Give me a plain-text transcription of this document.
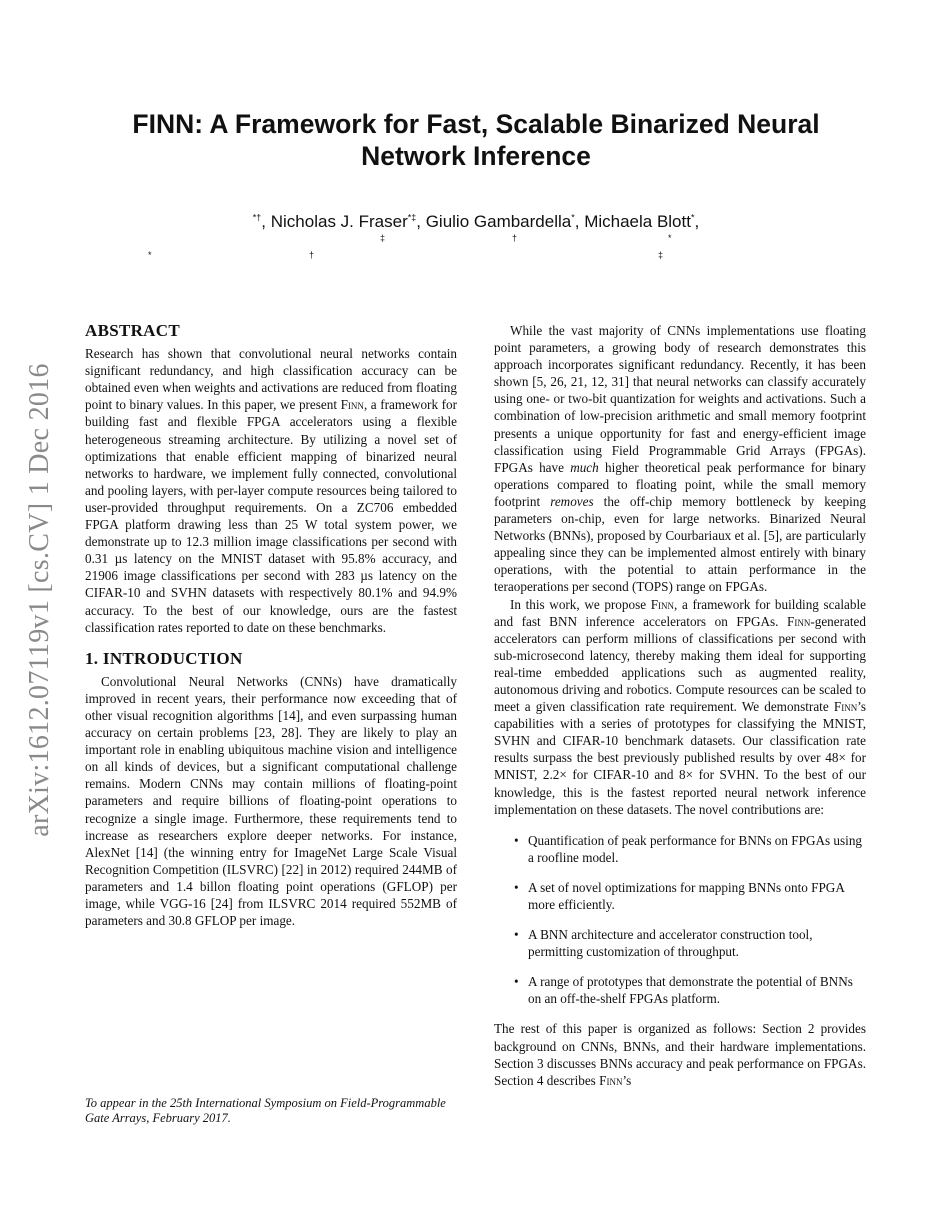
arXiv:1612.07119v1 [cs.CV] 1 Dec 2016
FINN: A Framework for Fast, Scalable Binarized Neural Network Inference
*†, Nicholas J. Fraser*‡, Giulio Gambardella*, Michaela Blott*,
‡	†	*
*	†	‡
ABSTRACT

Research has shown that convolutional neural networks contain significant redundancy, and high classification accuracy can be obtained even when weights and activations are reduced from floating point to binary values. In this paper, we present Finn, a framework for building fast and flexible FPGA accelerators using a flexible heterogeneous streaming architecture. By utilizing a novel set of optimizations that enable efficient mapping of binarized neural networks to hardware, we implement fully connected, convolutional and pooling layers, with per-layer compute resources being tailored to user-provided throughput requirements. On a ZC706 embedded FPGA platform drawing less than 25 W total system power, we demonstrate up to 12.3 million image classifications per second with 0.31 µs latency on the MNIST dataset with 95.8% accuracy, and 21906 image classifications per second with 283 µs latency on the CIFAR-10 and SVHN datasets with respectively 80.1% and 94.9% accuracy. To the best of our knowledge, ours are the fastest classification rates reported to date on these benchmarks.

1. INTRODUCTION

Convolutional Neural Networks (CNNs) have dramatically improved in recent years, their performance now exceeding that of other visual recognition algorithms [14], and even surpassing human accuracy on certain problems [23, 28]. They are likely to play an important role in enabling ubiquitous machine vision and intelligence on all kinds of devices, but a significant computational challenge remains. Modern CNNs may contain millions of floating-point parameters and require billions of floating-point operations to recognize a single image. Furthermore, these requirements tend to increase as researchers explore deeper networks. For instance, AlexNet [14] (the winning entry for ImageNet Large Scale Visual Recognition Competition (ILSVRC) [22] in 2012) required 244MB of parameters and 1.4 billon floating point operations (GFLOP) per image, while VGG-16 [24] from ILSVRC 2014 required 552MB of parameters and 30.8 GFLOP per image.

To appear in the 25th International Symposium on Field-Programmable Gate Arrays, February 2017.

While the vast majority of CNNs implementations use floating point parameters, a growing body of research demonstrates this approach incorporates significant redundancy. Recently, it has been shown [5, 26, 21, 12, 31] that neural networks can classify accurately using one- or two-bit quantization for weights and activations. Such a combination of low-precision arithmetic and small memory footprint presents a unique opportunity for fast and energy-efficient image classification using Field Programmable Grid Arrays (FPGAs). FPGAs have much higher theoretical peak performance for binary operations compared to floating point, while the small memory footprint removes the off-chip memory bottleneck by keeping parameters on-chip, even for large networks. Binarized Neural Networks (BNNs), proposed by Courbariaux et al. [5], are particularly appealing since they can be implemented almost entirely with binary operations, with the potential to attain performance in the teraoperations per second (TOPS) range on FPGAs.

In this work, we propose Finn, a framework for building scalable and fast BNN inference accelerators on FPGAs. Finn-generated accelerators can perform millions of classifications per second with sub-microsecond latency, thereby making them ideal for supporting real-time embedded applications such as augmented reality, autonomous driving and robotics. Compute resources can be scaled to meet a given classification rate requirement. We demonstrate Finn’s capabilities with a series of prototypes for classifying the MNIST, SVHN and CIFAR-10 benchmark datasets. Our classification rate results surpass the best previously published results by over 48× for MNIST, 2.2× for CIFAR-10 and 8× for SVHN. To the best of our knowledge, this is the fastest reported neural network inference implementation on these datasets. The novel contributions are:

• Quantification of peak performance for BNNs on FPGAs using a roofline model.
• A set of novel optimizations for mapping BNNs onto FPGA more efficiently.
• A BNN architecture and accelerator construction tool, permitting customization of throughput.
• A range of prototypes that demonstrate the potential of BNNs on an off-the-shelf FPGAs platform.

The rest of this paper is organized as follows: Section 2 provides background on CNNs, BNNs, and their hardware implementations. Section 3 discusses BNNs accuracy and peak performance on FPGAs. Section 4 describes Finn’s
